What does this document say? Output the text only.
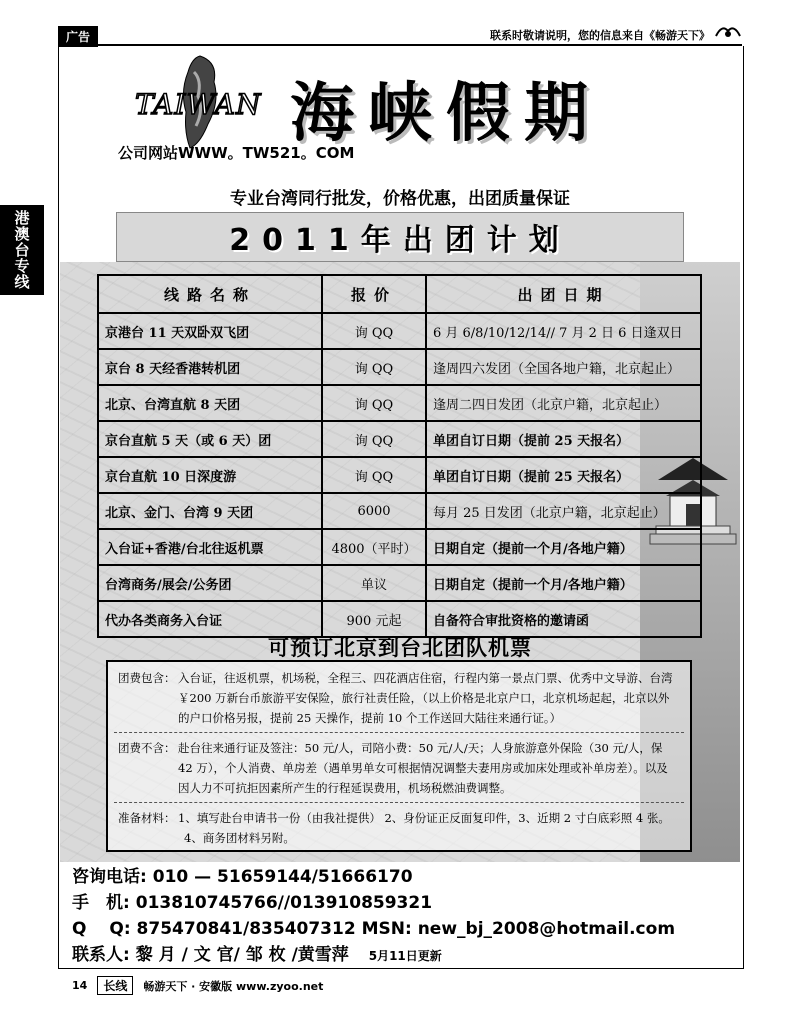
广告	联系时敬请说明，您的信息来自《畅游天下》
港澳台专线
TAIWAN 海峡假期
公司网站WWW。TW521。COM
专业台湾同行批发，价格优惠，出团质量保证
2011年出团计划
线路名称	报价	出团日期
京港台 11 天双卧双飞团	询 QQ	6 月 6/8/10/12/14// 7 月 2 日 6 日逢双日
京台 8 天经香港转机团	询 QQ	逢周四六发团（全国各地户籍，北京起止）
北京、台湾直航 8 天团	询 QQ	逢周二四日发团（北京户籍，北京起止）
京台直航 5 天（或 6 天）团	询 QQ	单团自订日期（提前 25 天报名）
京台直航 10 日深度游	询 QQ	单团自订日期（提前 25 天报名）
北京、金门、台湾 9 天团	6000	每月 25 日发团（北京户籍，北京起止）
入台证+香港/台北往返机票	4800（平时）	日期自定（提前一个月/各地户籍）
台湾商务/展会/公务团	单议	日期自定（提前一个月/各地户籍）
代办各类商务入台证	900 元起	自备符合审批资格的邀请函
可预订北京到台北团队机票
团费包含： 入台证，往返机票，机场税，全程三、四花酒店住宿，行程内第一景点门票、优秀中文导游、台湾￥200 万新台币旅游平安保险，旅行社责任险，（以上价格是北京户口，北京机场起起，北京以外的户口价格另报，提前 25 天操作，提前 10 个工作送回大陆往来通行证。）
团费不含： 赴台往来通行证及签注：50 元/人，司陪小费：50 元/人/天；人身旅游意外保险（30 元/人，保 42 万），个人消费、单房差（遇单男单女可根据情况调整夫妻用房或加床处理或补单房差）。以及因人力不可抗拒因素所产生的行程延误费用，机场税燃油费调整。
准备材料： 1、填写赴台申请书一份（由我社提供） 2、身份证正反面复印件，3、近期 2 寸白底彩照 4 张。
4、商务团材料另附。
咨询电话: 010 — 51659144/51666170
手　机: 013810745766//013910859321
Q　 Q: 875470841/835407312 MSN: new_bj_2008@hotmail.com
联系人: 黎 月 / 文 官/ 邹 枚 /黄雪萍 5月11日更新
14	长线	畅游天下 · 安徽版 www.zyoo.net
